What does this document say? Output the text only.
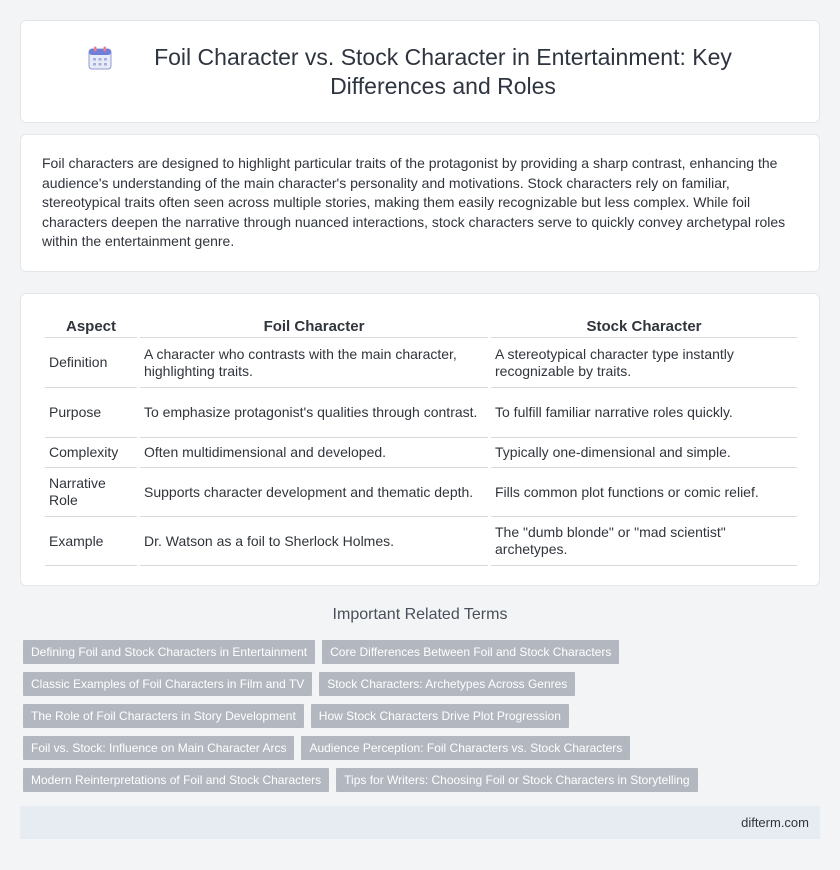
Foil Character vs. Stock Character in Entertainment: Key Differences and Roles

Foil characters are designed to highlight particular traits of the protagonist by providing a sharp contrast, enhancing the audience's understanding of the main character's personality and motivations. Stock characters rely on familiar, stereotypical traits often seen across multiple stories, making them easily recognizable but less complex. While foil characters deepen the narrative through nuanced interactions, stock characters serve to quickly convey archetypal roles within the entertainment genre.

Aspect	Foil Character	Stock Character
Definition	A character who contrasts with the main character, highlighting traits.	A stereotypical character type instantly recognizable by traits.
Purpose	To emphasize protagonist's qualities through contrast.	To fulfill familiar narrative roles quickly.
Complexity	Often multidimensional and developed.	Typically one-dimensional and simple.
Narrative Role	Supports character development and thematic depth.	Fills common plot functions or comic relief.
Example	Dr. Watson as a foil to Sherlock Holmes.	The "dumb blonde" or "mad scientist" archetypes.
Important Related Terms
Defining Foil and Stock Characters in Entertainment	Core Differences Between Foil and Stock Characters
Classic Examples of Foil Characters in Film and TV	Stock Characters: Archetypes Across Genres
The Role of Foil Characters in Story Development	How Stock Characters Drive Plot Progression
Foil vs. Stock: Influence on Main Character Arcs	Audience Perception: Foil Characters vs. Stock Characters
Modern Reinterpretations of Foil and Stock Characters	Tips for Writers: Choosing Foil or Stock Characters in Storytelling
difterm.com
